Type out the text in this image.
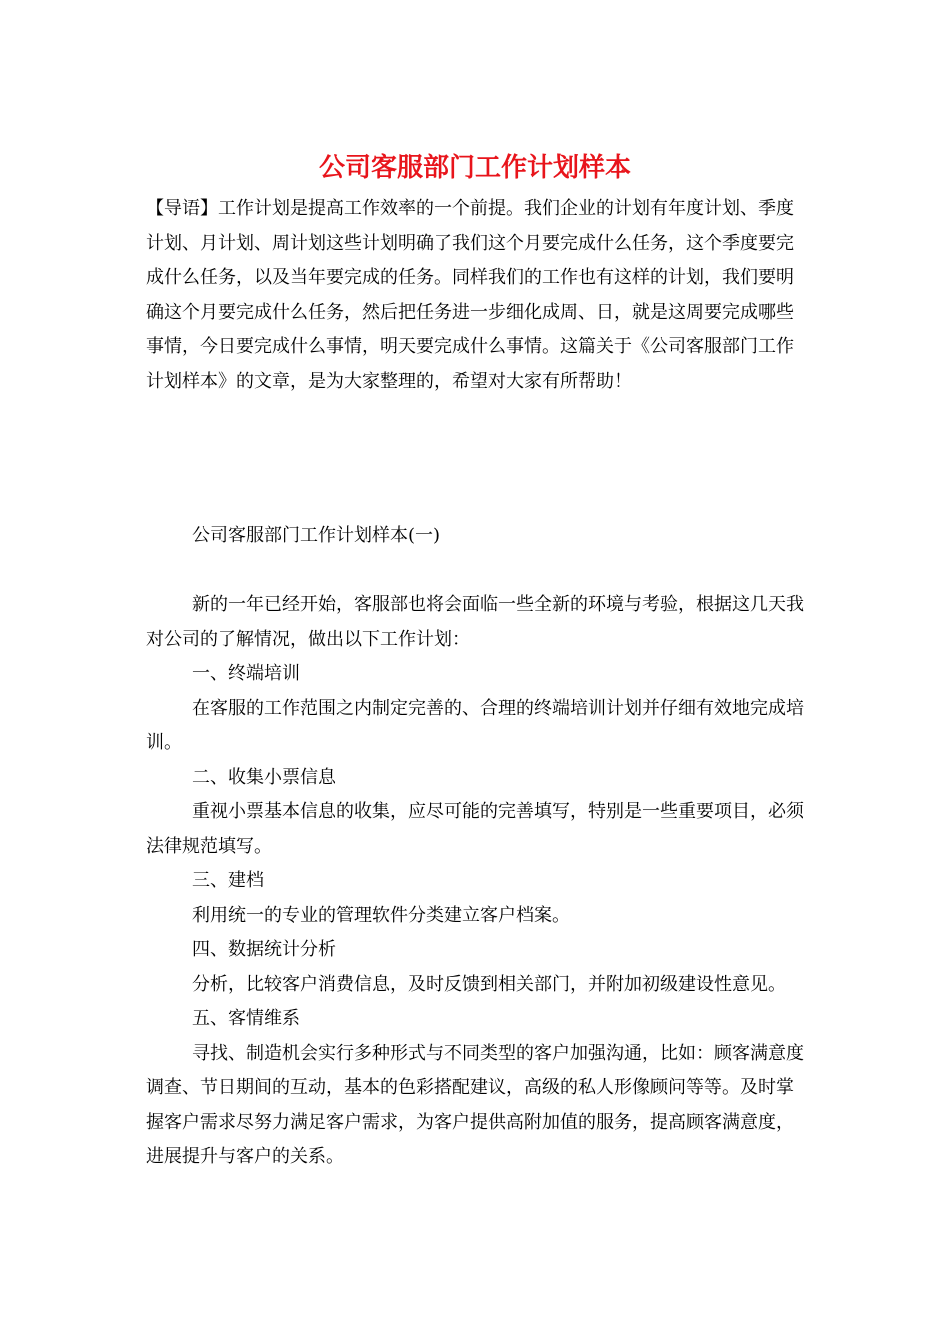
公司客服部门工作计划样本

【导语】工作计划是提高工作效率的一个前提。我们企业的计划有年度计划、季度计划、月计划、周计划这些计划明确了我们这个月要完成什么任务，这个季度要完成什么任务，以及当年要完成的任务。同样我们的工作也有这样的计划，我们要明确这个月要完成什么任务，然后把任务进一步细化成周、日，就是这周要完成哪些事情，今日要完成什么事情，明天要完成什么事情。这篇关于《公司客服部门工作计划样本》的文章，是为大家整理的，希望对大家有所帮助！

公司客服部门工作计划样本(一)

新的一年已经开始，客服部也将会面临一些全新的环境与考验，根据这几天我对公司的了解情况，做出以下工作计划：

一、终端培训

在客服的工作范围之内制定完善的、合理的终端培训计划并仔细有效地完成培训。

二、收集小票信息

重视小票基本信息的收集，应尽可能的完善填写，特别是一些重要项目，必须法律规范填写。

三、建档

利用统一的专业的管理软件分类建立客户档案。

四、数据统计分析

分析，比较客户消费信息，及时反馈到相关部门，并附加初级建设性意见。

五、客情维系

寻找、制造机会实行多种形式与不同类型的客户加强沟通，比如：顾客满意度调查、节日期间的互动，基本的色彩搭配建议，高级的私人形像顾问等等。及时掌握客户需求尽努力满足客户需求，为客户提供高附加值的服务，提高顾客满意度，进展提升与客户的关系。
